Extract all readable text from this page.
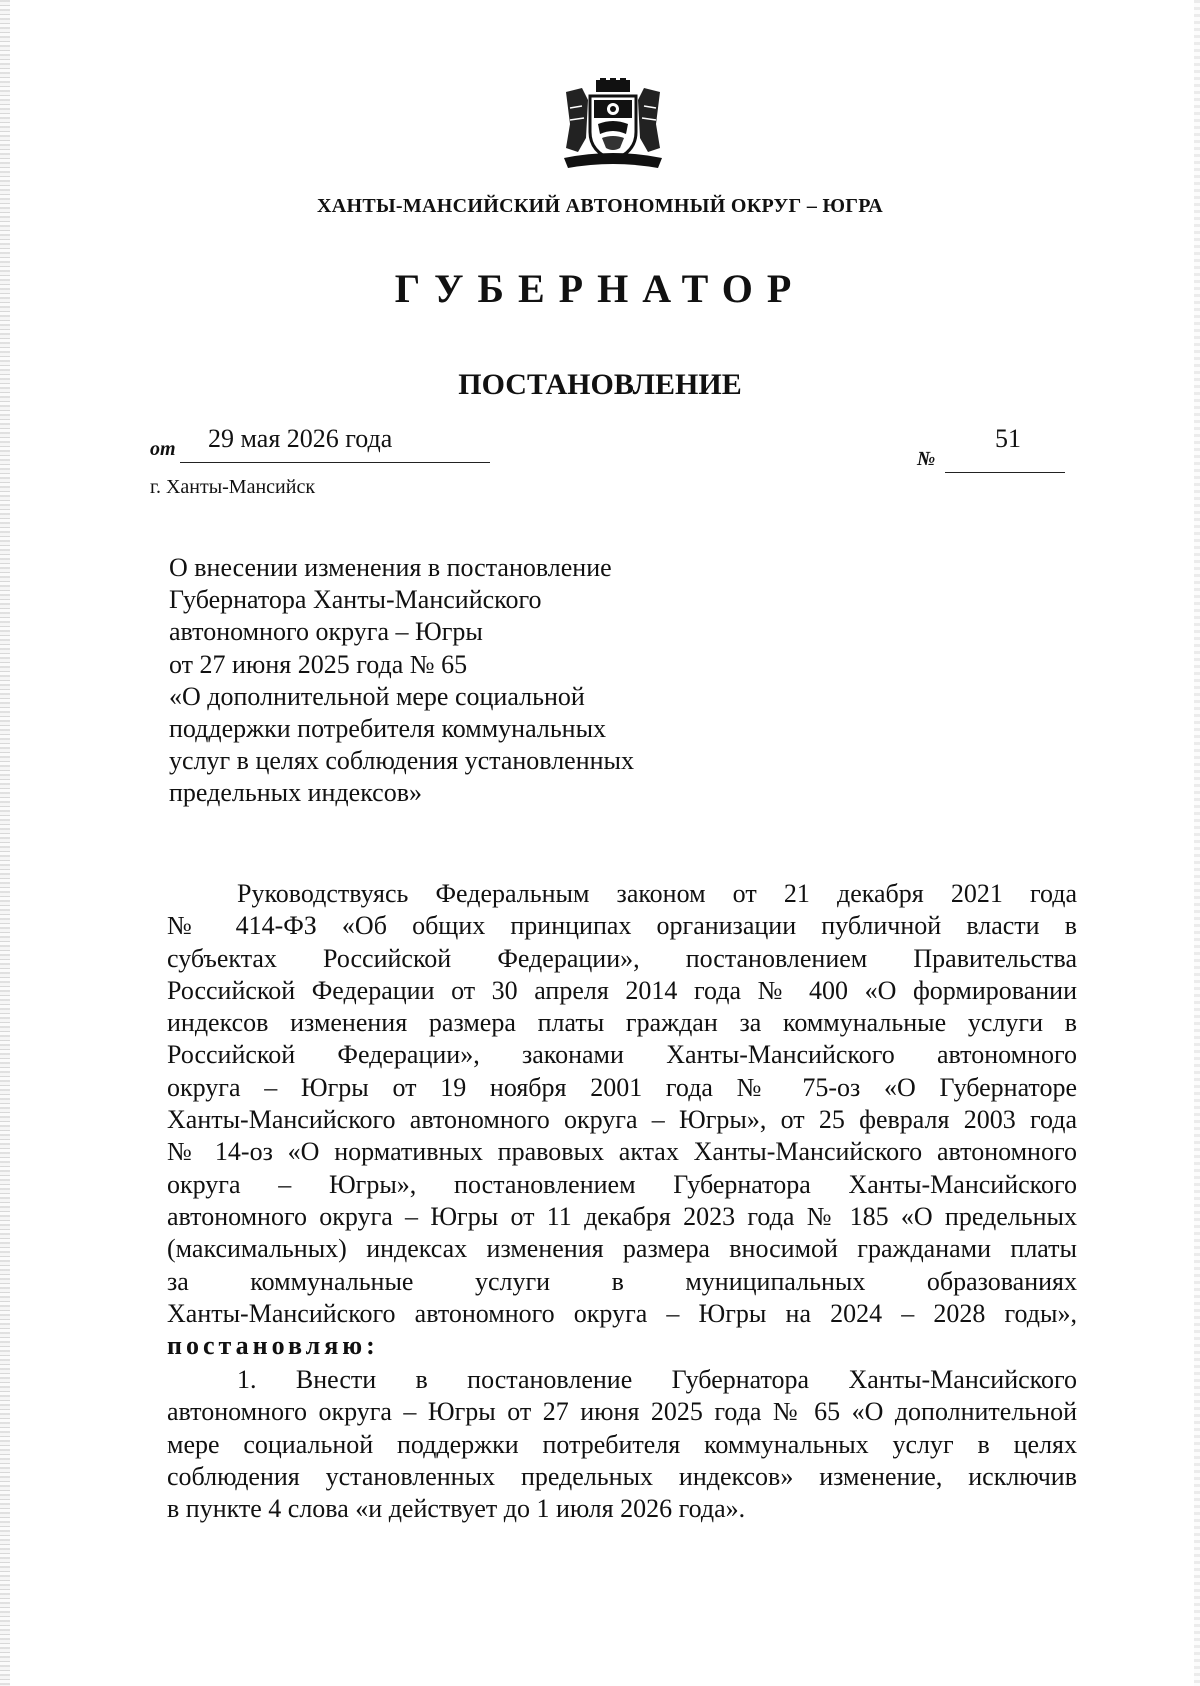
ХАНТЫ-МАНСИЙСКИЙ АВТОНОМНЫЙ ОКРУГ – ЮГРА
ГУБЕРНАТОР
ПОСТАНОВЛЕНИЕ
от 29 мая 2026 года
№
51
г. Ханты-Мансийск
О внесении изменения в постановление
Губернатора Ханты-Мансийского
автономного округа – Югры
от 27 июня 2025 года № 65
«О дополнительной мере социальной
поддержки потребителя коммунальных
услуг в целях соблюдения установленных
предельных индексов»
Руководствуясь Федеральным законом от 21 декабря 2021 года
№ 414-ФЗ «Об общих принципах организации публичной власти в
субъектах Российской Федерации», постановлением Правительства
Российской Федерации от 30 апреля 2014 года № 400 «О формировании
индексов изменения размера платы граждан за коммунальные услуги в
Российской Федерации», законами Ханты-Мансийского автономного
округа – Югры от 19 ноября 2001 года № 75-оз «О Губернаторе
Ханты-Мансийского автономного округа – Югры», от 25 февраля 2003 года
№ 14-оз «О нормативных правовых актах Ханты-Мансийского автономного
округа – Югры», постановлением Губернатора Ханты-Мансийского
автономного округа – Югры от 11 декабря 2023 года № 185 «О предельных
(максимальных) индексах изменения размера вносимой гражданами платы
за коммунальные услуги в муниципальных образованиях
Ханты-Мансийского автономного округа – Югры на 2024 – 2028 годы»,
постановляю:
1. Внести в постановление Губернатора Ханты-Мансийского
автономного округа – Югры от 27 июня 2025 года № 65 «О дополнительной
мере социальной поддержки потребителя коммунальных услуг в целях
соблюдения установленных предельных индексов» изменение, исключив
в пункте 4 слова «и действует до 1 июля 2026 года».
